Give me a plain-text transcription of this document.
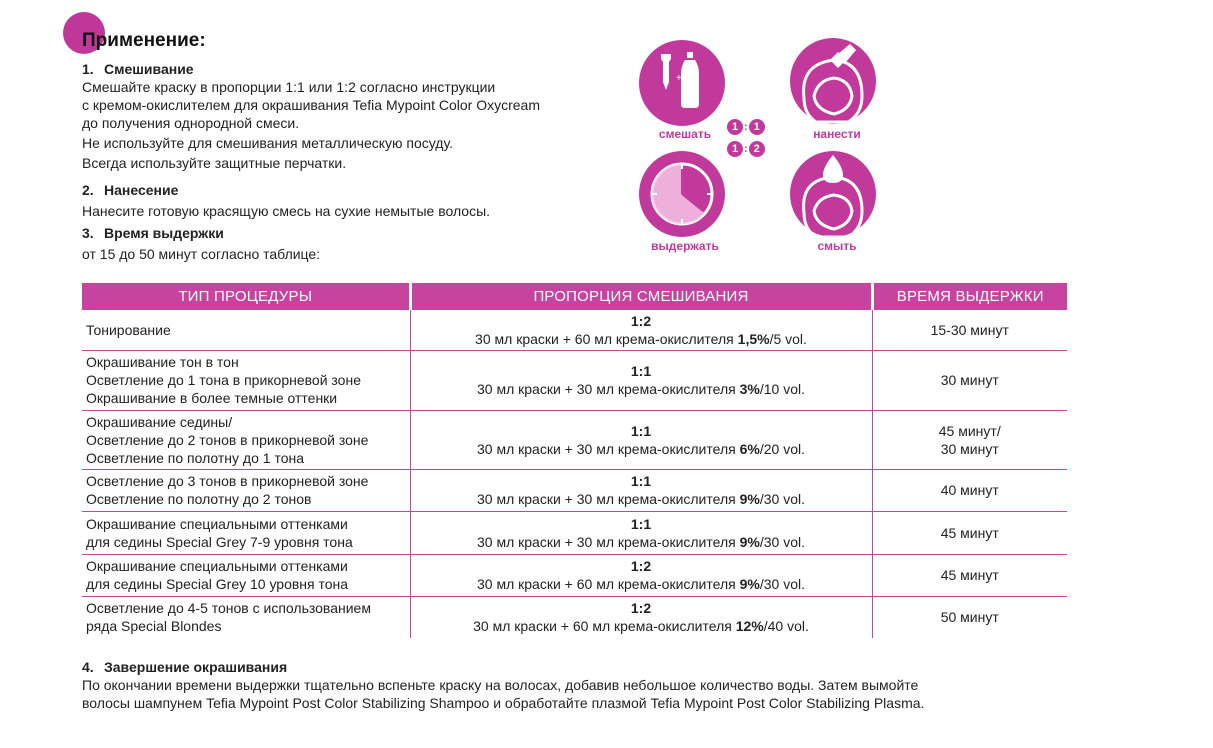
Применение:
1. Смешивание
Смешайте краску в пропорции 1:1 или 1:2 согласно инструкции
с кремом-окислителем для окрашивания Tefia Mypoint Color Oxycream
до получения однородной смеси.
Не используйте для смешивания металлическую посуду.
Всегда используйте защитные перчатки.
2. Нанесение
Нанесите готовую красящую смесь на сухие немытые волосы.
3. Время выдержки
от 15 до 50 минут согласно таблице:
+
смешать	1 : 1
1 : 2
нанести
выдержать	смыть
ТИП ПРОЦЕДУРЫ	ПРОПОРЦИЯ СМЕШИВАНИЯ	ВРЕМЯ ВЫДЕРЖКИ

Тонирование	1:2
30 мл краски + 60 мл крема-окислителя 1,5%/5 vol.	15-30 минут

Окрашивание тон в тон
Осветление до 1 тона в прикорневой зоне
Окрашивание в более темные оттенки	1:1
30 мл краски + 30 мл крема-окислителя 3%/10 vol.	30 минут

Окрашивание седины/
Осветление до 2 тонов в прикорневой зоне
Осветление по полотну до 1 тона	1:1
30 мл краски + 30 мл крема-окислителя 6%/20 vol.	45 минут/
30 минут

Осветление до 3 тонов в прикорневой зоне
Осветление по полотну до 2 тонов	1:1
30 мл краски + 30 мл крема-окислителя 9%/30 vol.	40 минут

Окрашивание специальными оттенками
для седины Special Grey 7-9 уровня тона	1:1
30 мл краски + 30 мл крема-окислителя 9%/30 vol.	45 минут

Окрашивание специальными оттенками
для седины Special Grey 10 уровня тона	1:2
30 мл краски + 60 мл крема-окислителя 9%/30 vol.	45 минут

Осветление до 4-5 тонов с использованием
ряда Special Blondes	1:2
30 мл краски + 60 мл крема-окислителя 12%/40 vol.	50 минут
4. Завершение окрашивания
По окончании времени выдержки тщательно вспеньте краску на волосах, добавив небольшое количество воды. Затем вымойте
волосы шампунем Tefia Mypoint Post Color Stabilizing Shampoo и обработайте плазмой Tefia Mypoint Post Color Stabilizing Plasma.
